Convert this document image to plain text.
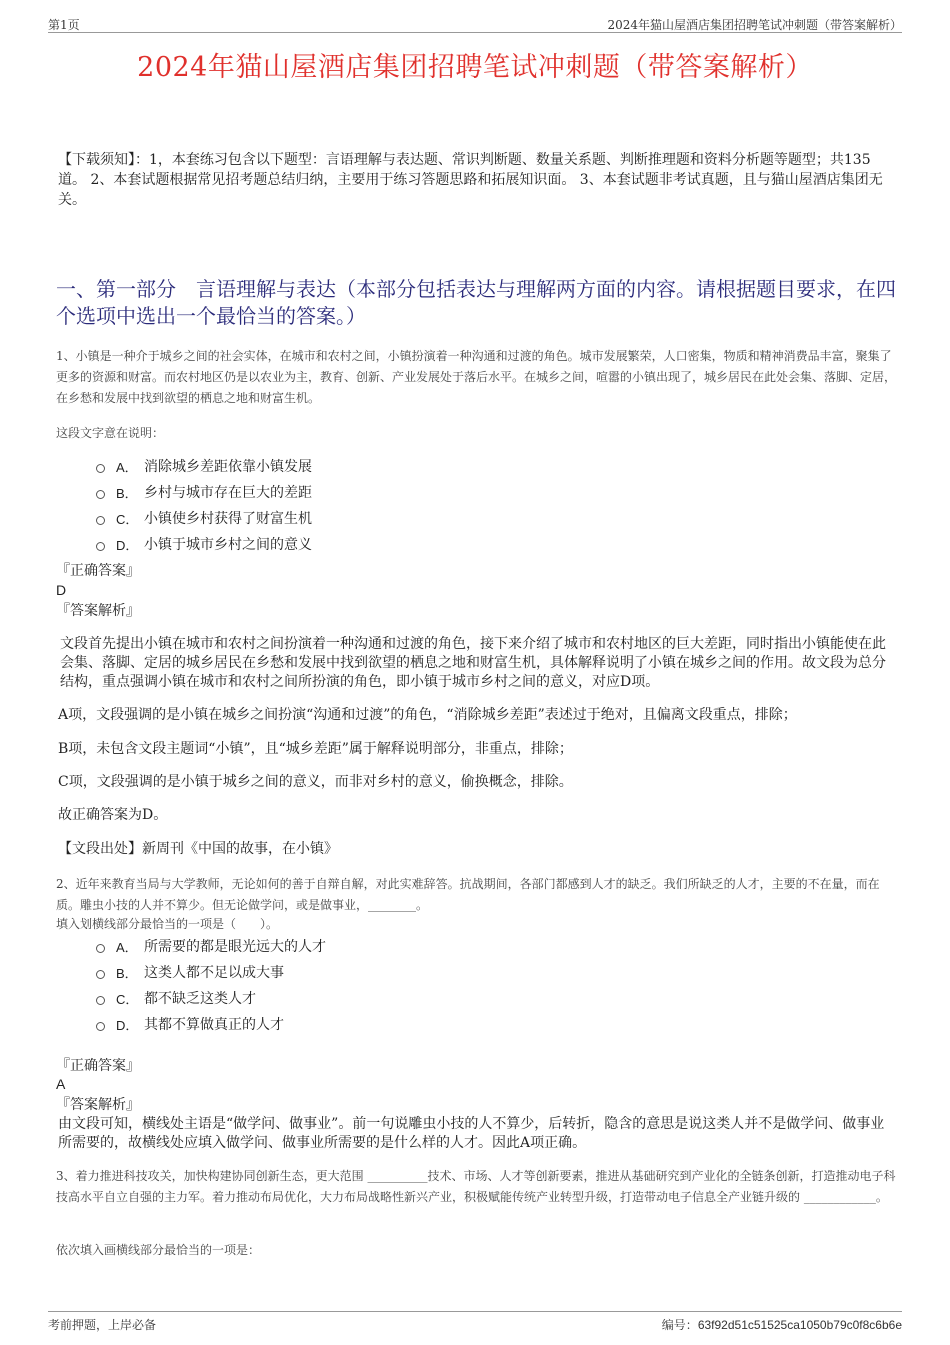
第1页	2024年猫山屋酒店集团招聘笔试冲刺题（带答案解析）
2024年猫山屋酒店集团招聘笔试冲刺题（带答案解析）
【下载须知】：1，本套练习包含以下题型：言语理解与表达题、常识判断题、数量关系题、判断推理题和资料分析题等题型；共135道。 2、本套试题根据常见招考题总结归纳，主要用于练习答题思路和拓展知识面。 3、本套试题非考试真题，且与猫山屋酒店集团无关。
一、第一部分　言语理解与表达（本部分包括表达与理解两方面的内容。请根据题目要求，在四个选项中选出一个最恰当的答案。）
1、小镇是一种介于城乡之间的社会实体，在城市和农村之间，小镇扮演着一种沟通和过渡的角色。城市发展繁荣，人口密集，物质和精神消费品丰富，聚集了更多的资源和财富。而农村地区仍是以农业为主，教育、创新、产业发展处于落后水平。在城乡之间，喧嚣的小镇出现了，城乡居民在此处会集、落脚、定居，在乡愁和发展中找到欲望的栖息之地和财富生机。
这段文字意在说明：
A． 消除城乡差距依靠小镇发展
B． 乡村与城市存在巨大的差距
C． 小镇使乡村获得了财富生机
D． 小镇于城市乡村之间的意义
『正确答案』
D
『答案解析』
文段首先提出小镇在城市和农村之间扮演着一种沟通和过渡的角色，接下来介绍了城市和农村地区的巨大差距，同时指出小镇能使在此会集、落脚、定居的城乡居民在乡愁和发展中找到欲望的栖息之地和财富生机，具体解释说明了小镇在城乡之间的作用。故文段为总分结构，重点强调小镇在城市和农村之间所扮演的角色，即小镇于城市乡村之间的意义，对应D项。
A项，文段强调的是小镇在城乡之间扮演“沟通和过渡”的角色，“消除城乡差距”表述过于绝对，且偏离文段重点，排除；
B项，未包含文段主题词“小镇”，且“城乡差距”属于解释说明部分，非重点，排除；
C项，文段强调的是小镇于城乡之间的意义，而非对乡村的意义，偷换概念，排除。
故正确答案为D。
【文段出处】新周刊《中国的故事，在小镇》
2、近年来教育当局与大学教师，无论如何的善于自辩自解，对此实难辞答。抗战期间，各部门都感到人才的缺乏。我们所缺乏的人才，主要的不在量，而在质。雕虫小技的人并不算少。但无论做学问，或是做事业，________。
填入划横线部分最恰当的一项是（　　）。
A． 所需要的都是眼光远大的人才
B． 这类人都不足以成大事
C． 都不缺乏这类人才
D． 其都不算做真正的人才
『正确答案』
A
『答案解析』
由文段可知，横线处主语是“做学问、做事业”。前一句说雕虫小技的人不算少，后转折，隐含的意思是说这类人并不是做学问、做事业所需要的，故横线处应填入做学问、做事业所需要的是什么样的人才。因此A项正确。
3、着力推进科技攻关，加快构建协同创新生态，更大范围 __________技术、市场、人才等创新要素，推进从基础研究到产业化的全链条创新，打造推动电子科技高水平自立自强的主力军。着力推动布局优化，大力布局战略性新兴产业，积极赋能传统产业转型升级，打造带动电子信息全产业链升级的 ____________。
依次填入画横线部分最恰当的一项是：
考前押题，上岸必备	编号：63f92d51c51525ca1050b79c0f8c6b6e
